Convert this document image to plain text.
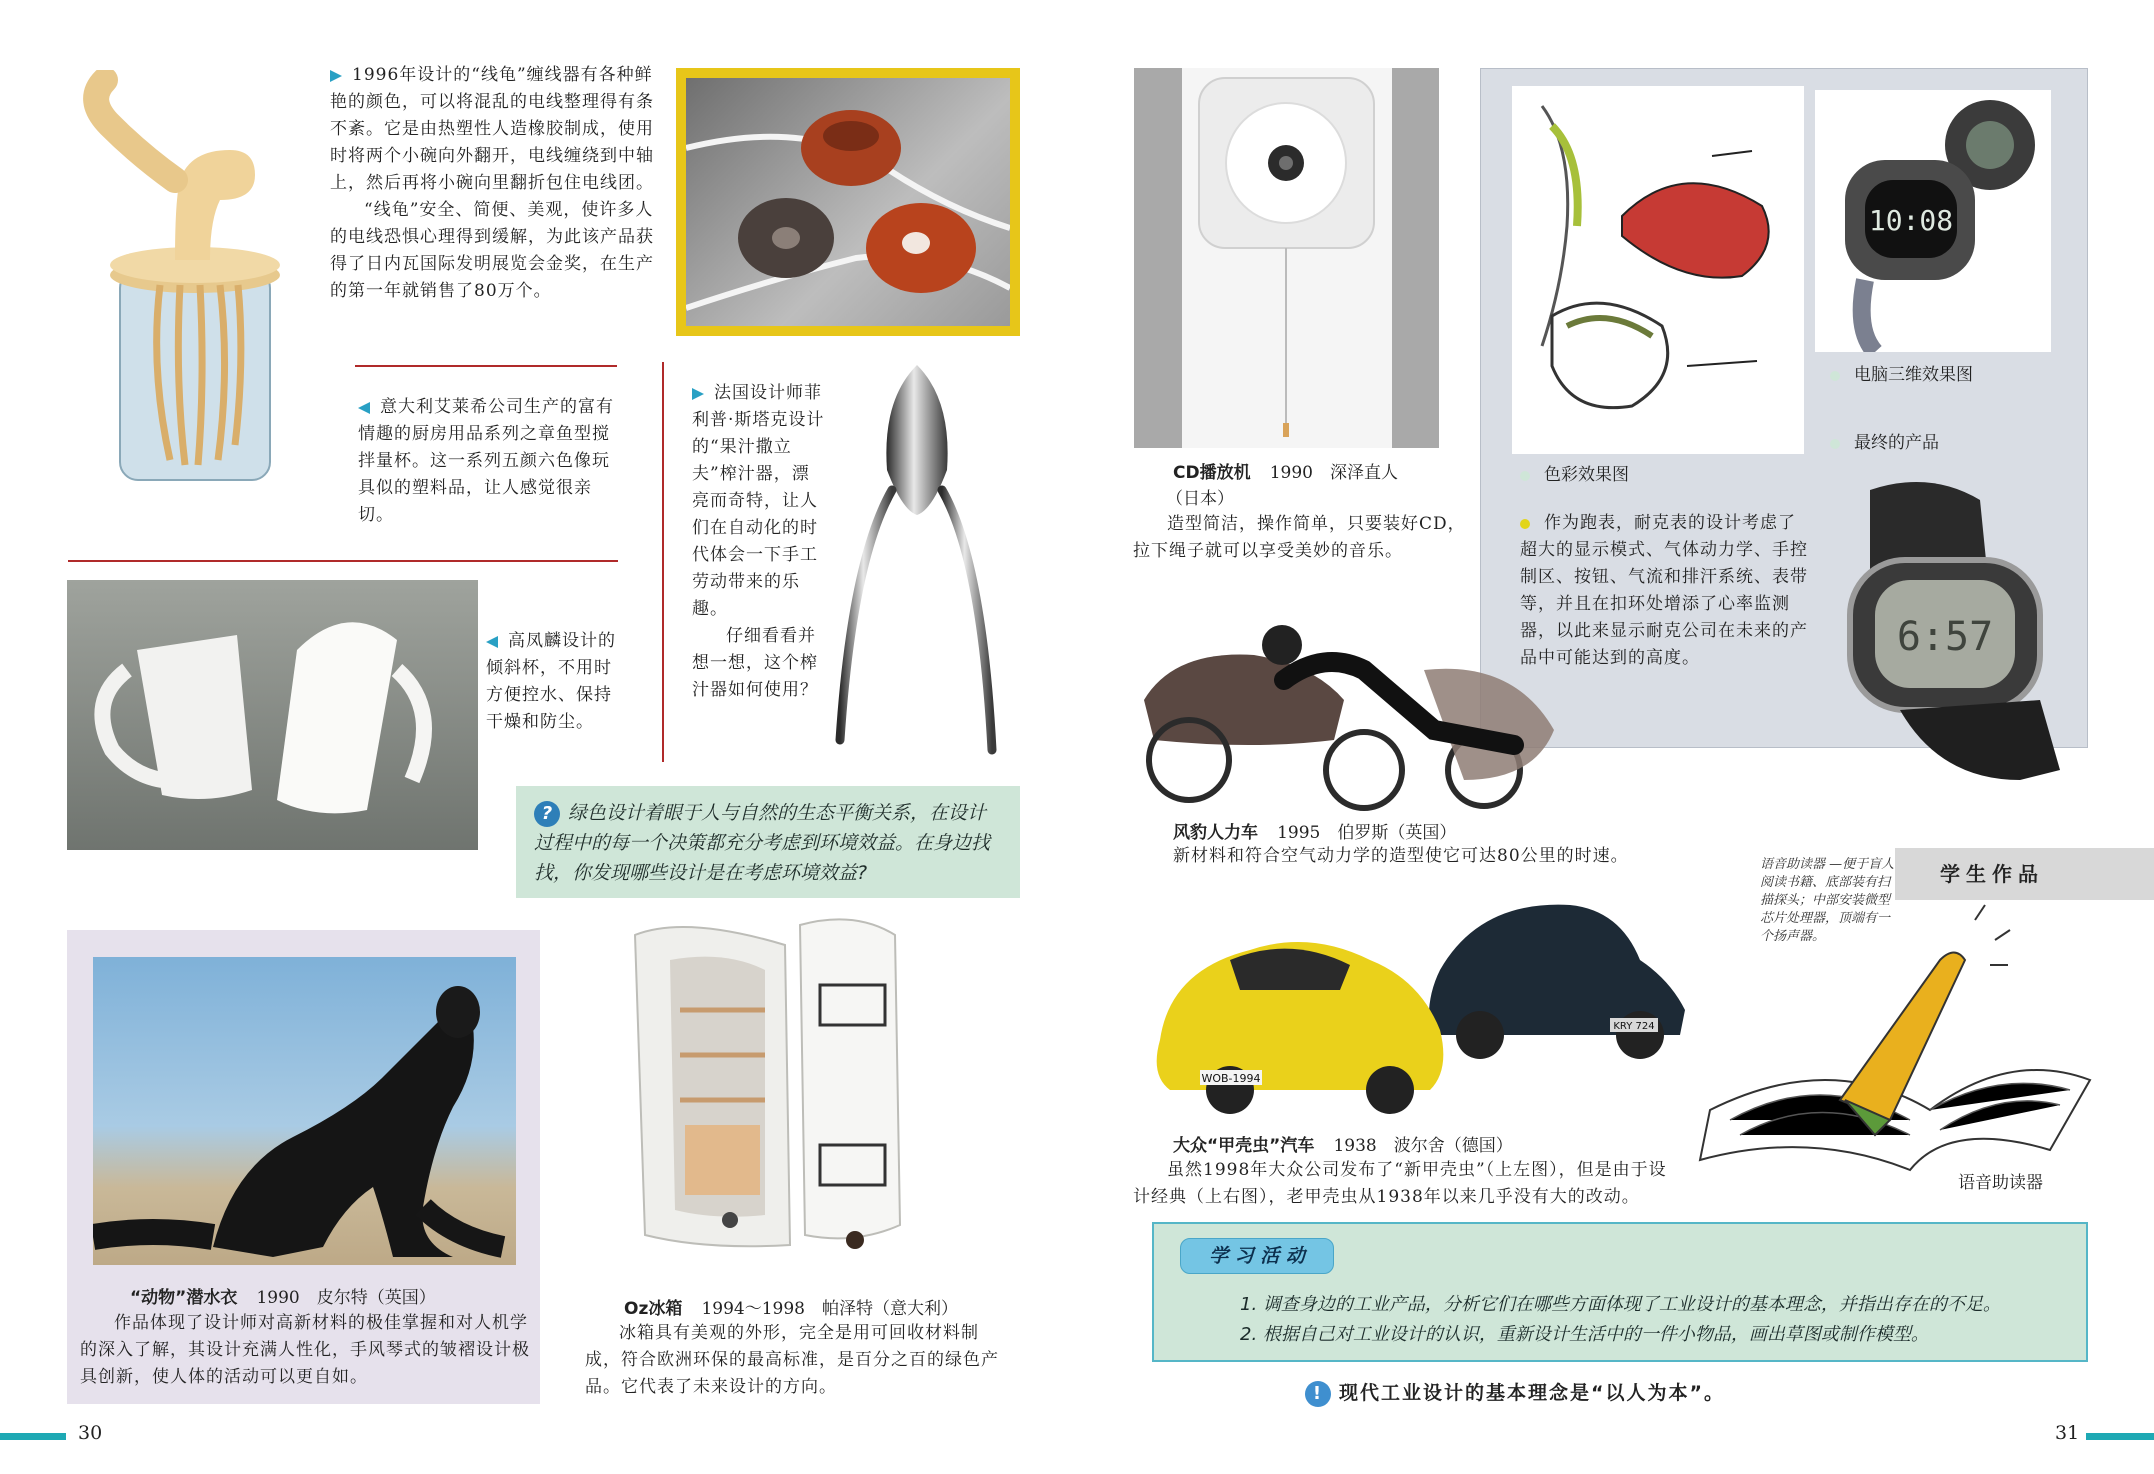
1996年设计的“线龟”缠线器有各种鲜艳的颜色，可以将混乱的电线整理得有条不紊。它是由热塑性人造橡胶制成，使用时将两个小碗向外翻开，电线缠绕到中轴上，然后再将小碗向里翻折包住电线团。

“线龟”安全、简便、美观，使许多人的电线恐惧心理得到缓解，为此该产品获得了日内瓦国际发明展览会金奖，在生产的第一年就销售了80万个。

意大利艾莱希公司生产的富有情趣的厨房用品系列之章鱼型搅拌量杯。这一系列五颜六色像玩具似的塑料品，让人感觉很亲切。

法国设计师菲利普·斯塔克设计的“果汁撒立夫”榨汁器，漂亮而奇特，让人们在自动化的时代体会一下手工劳动带来的乐趣。

仔细看看并想一想，这个榨汁器如何使用？

高凤麟设计的倾斜杯，不用时方便控水、保持干燥和防尘。
? 绿色设计着眼于人与自然的生态平衡关系，在设计过程中的每一个决策都充分考虑到环境效益。在身边找找，你发现哪些设计是在考虑环境效益?
“动物”潜水衣 1990　皮尔特（英国）
作品体现了设计师对高新材料的极佳掌握和对人机学的深入了解，其设计充满人性化，手风琴式的皱褶设计极具创新，使人体的活动可以更自如。
Oz冰箱 1994～1998　帕泽特（意大利）
冰箱具有美观的外形，完全是用可回收材料制成，符合欧洲环保的最高标准，是百分之百的绿色产品。它代表了未来设计的方向。
30
CD播放机 1990　深泽直人
（日本）
造型简洁，操作简单，只要装好CD，拉下绳子就可以享受美妙的音乐。
10:08
电脑三维效果图
最终的产品
色彩效果图
作为跑表，耐克表的设计考虑了超大的显示模式、气体动力学、手控制区、按钮、气流和排汗系统、表带等，并且在扣环处增添了心率监测器，以此来显示耐克公司在未来的产品中可能达到的高度。	6:57
风豹人力车 1995　伯罗斯（英国）
新材料和符合空气动力学的造型使它可达80公里的时速。
学生作品
语音助读器 —便于盲人阅读书籍、底部装有扫描探头；中部安装微型芯片处理器，顶端有一个扬声器。
语音助读器
KRY 724
WOB-1994
大众“甲壳虫”汽车 1938　波尔舍（德国）
虽然1998年大众公司发布了“新甲壳虫”（上左图），但是由于设计经典（上右图），老甲壳虫从1938年以来几乎没有大的改动。
学 习 活 动
1. 调查身边的工业产品，分析它们在哪些方面体现了工业设计的基本理念，并指出存在的不足。
2. 根据自己对工业设计的认识，重新设计生活中的一件小物品，画出草图或制作模型。
! 现代工业设计的基本理念是“以人为本”。
31
